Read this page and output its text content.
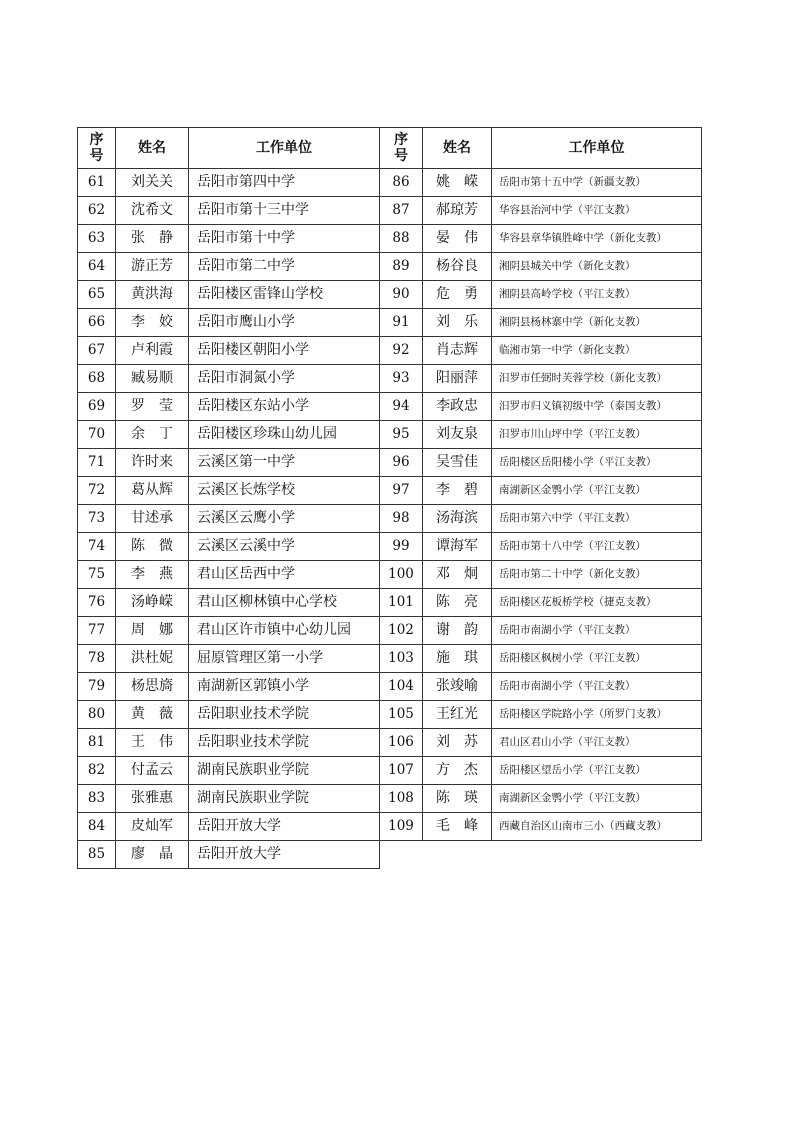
序
号	姓名	工作单位
61	刘关关	岳阳市第四中学
62	沈希文	岳阳市第十三中学
63	张　静	岳阳市第十中学
64	游正芳	岳阳市第二中学
65	黄洪海	岳阳楼区雷锋山学校
66	李　姣	岳阳市鹰山小学
67	卢利霞	岳阳楼区朝阳小学
68	臧易顺	岳阳市洞氮小学
69	罗　莹	岳阳楼区东站小学
70	余　丁	岳阳楼区珍珠山幼儿园
71	许时来	云溪区第一中学
72	葛从辉	云溪区长炼学校
73	甘述承	云溪区云鹰小学
74	陈　微	云溪区云溪中学
75	李　燕	君山区岳西中学
76	汤峥嵘	君山区柳林镇中心学校
77	周　娜	君山区许市镇中心幼儿园
78	洪杜妮	屈原管理区第一小学
79	杨思旖	南湖新区郭镇小学
80	黄　薇	岳阳职业技术学院
81	王　伟	岳阳职业技术学院
82	付孟云	湖南民族职业学院
83	张雅惠	湖南民族职业学院
84	皮灿军	岳阳开放大学
85	廖　晶	岳阳开放大学
序
号	姓名	工作单位
86	姚　嵘	岳阳市第十五中学（新疆支教）
87	郝琼芳	华容县治河中学（平江支教）
88	晏　伟	华容县章华镇胜峰中学（新化支教）
89	杨谷良	湘阴县城关中学（新化支教）
90	危　勇	湘阴县高岭学校（平江支教）
91	刘　乐	湘阴县杨林寨中学（新化支教）
92	肖志辉	临湘市第一中学（新化支教）
93	阳丽萍	汨罗市任弼时芙蓉学校（新化支教）
94	李政忠	汨罗市归义镇初级中学（泰国支教）
95	刘友泉	汨罗市川山坪中学（平江支教）
96	吴雪佳	岳阳楼区岳阳楼小学（平江支教）
97	李　碧	南湖新区金鹗小学（平江支教）
98	汤海滨	岳阳市第六中学（平江支教）
99	谭海军	岳阳市第十八中学（平江支教）
100	邓　炯	岳阳市第二十中学（新化支教）
101	陈　亮	岳阳楼区花板桥学校（捷克支教）
102	谢　韵	岳阳市南湖小学（平江支教）
103	施　琪	岳阳楼区枫树小学（平江支教）
104	张竣喻	岳阳市南湖小学（平江支教）
105	王红光	岳阳楼区学院路小学（所罗门支教）
106	刘　苏	君山区君山小学（平江支教）
107	方　杰	岳阳楼区望岳小学（平江支教）
108	陈　瑛	南湖新区金鹗小学（平江支教）
109	毛　峰	西藏自治区山南市三小（西藏支教）
